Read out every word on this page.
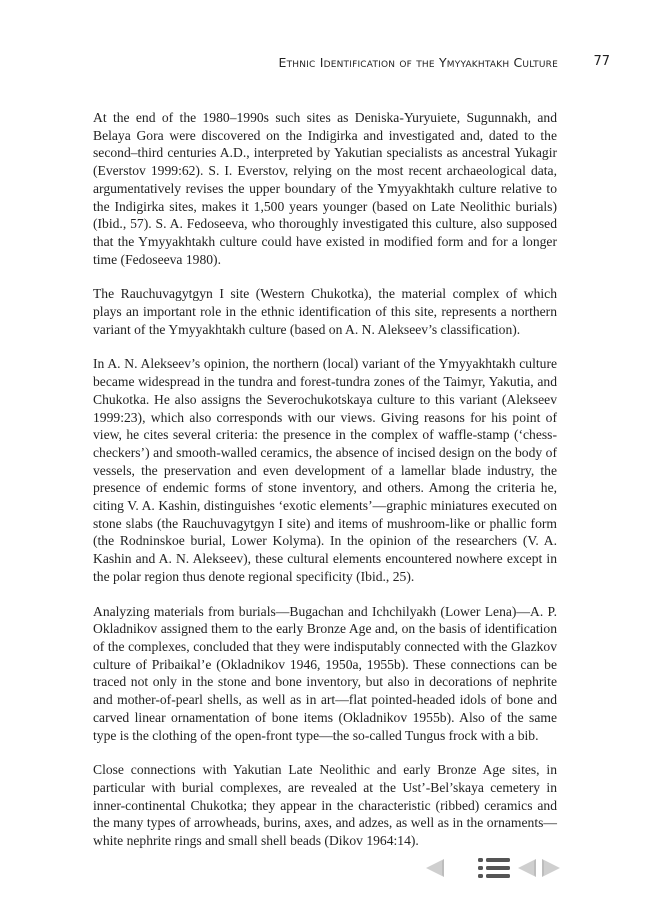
Ethnic Identification of the Ymyyakhtakh Culture	77

At the end of the 1980–1990s such sites as Deniska-Yuryuiete, Sugunnakh, and Belaya Gora were discovered on the Indigirka and investigated and, dated to the second–third centuries A.D., interpreted by Yakutian specialists as ancestral Yukagir (Everstov 1999:62). S. I. Everstov, relying on the most recent archaeological data, argumentatively revises the upper boundary of the Ymyyakhtakh culture relative to the Indigirka sites, makes it 1,500 years younger (based on Late Neolithic burials) (Ibid., 57). S. A. Fedoseeva, who thoroughly investigated this culture, also supposed that the Ymyyakhtakh culture could have existed in modified form and for a longer time (Fedoseeva 1980).

The Rauchuvagytgyn I site (Western Chukotka), the material complex of which plays an important role in the ethnic identification of this site, represents a northern variant of the Ymyyakhtakh culture (based on A. N. Alekseev’s classification).

In A. N. Alekseev’s opinion, the northern (local) variant of the Ymyyakhtakh culture became widespread in the tundra and forest-tundra zones of the Taimyr, Yakutia, and Chukotka. He also assigns the Severochukotskaya culture to this variant (Alekseev 1999:23), which also corresponds with our views. Giving reasons for his point of view, he cites several criteria: the presence in the complex of waffle-stamp (‘chess-checkers’) and smooth-walled ceramics, the absence of incised design on the body of vessels, the preservation and even development of a lamellar blade industry, the presence of endemic forms of stone inventory, and others. Among the criteria he, citing V. A. Kashin, distinguishes ‘exotic elements’—graphic miniatures executed on stone slabs (the Rauchuvagytgyn I site) and items of mushroom-like or phallic form (the Rodninskoe burial, Lower Kolyma). In the opinion of the researchers (V. A. Kashin and A. N. Alekseev), these cultural elements encountered nowhere except in the polar region thus denote regional specificity (Ibid., 25).

Analyzing materials from burials—Bugachan and Ichchilyakh (Lower Lena)—A. P. Okladnikov assigned them to the early Bronze Age and, on the basis of identification of the complexes, concluded that they were indisputably connected with the Glazkov culture of Pribaikal’e (Okladnikov 1946, 1950a, 1955b). These connections can be traced not only in the stone and bone inventory, but also in decorations of nephrite and mother-of-pearl shells, as well as in art—flat pointed-headed idols of bone and carved linear ornamentation of bone items (Okladnikov 1955b). Also of the same type is the clothing of the open-front type—the so-called Tungus frock with a bib.

Close connections with Yakutian Late Neolithic and early Bronze Age sites, in particular with burial complexes, are revealed at the Ust’-Bel’skaya cemetery in inner-continental Chukotka; they appear in the characteristic (ribbed) ceramics and the many types of arrowheads, burins, axes, and adzes, as well as in the ornaments—white nephrite rings and small shell beads (Dikov 1964:14).
